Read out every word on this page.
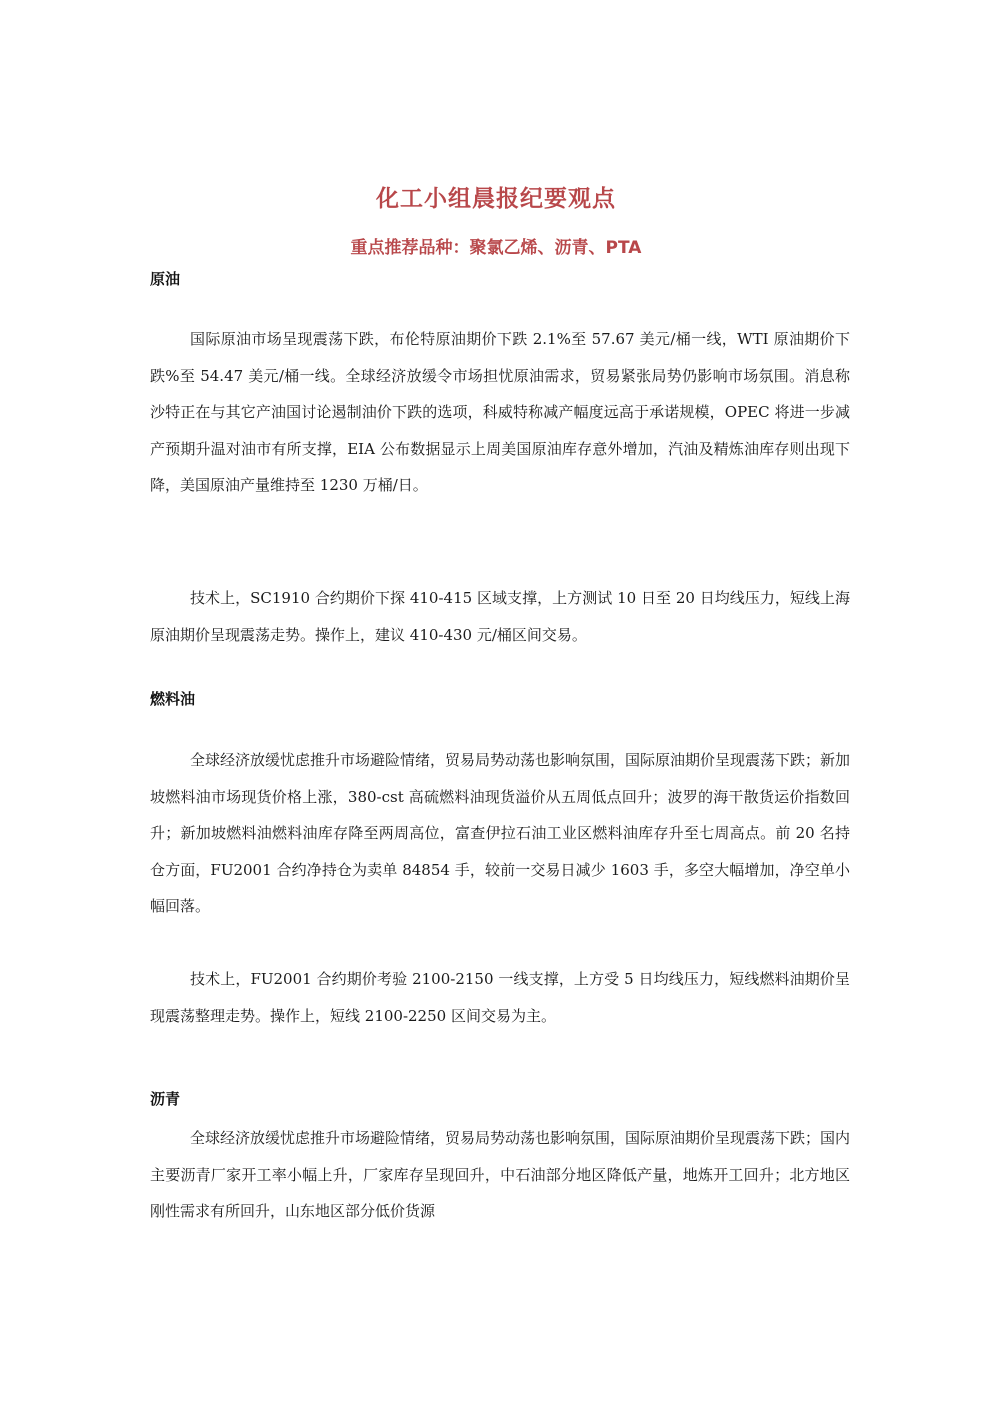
化工小组晨报纪要观点
重点推荐品种：聚氯乙烯、沥青、PTA
原油
国际原油市场呈现震荡下跌，布伦特原油期价下跌 2.1%至 57.67 美元/桶一线，WTI 原油期价下跌%至 54.47 美元/桶一线。全球经济放缓令市场担忧原油需求，贸易紧张局势仍影响市场氛围。消息称沙特正在与其它产油国讨论遏制油价下跌的选项，科威特称减产幅度远高于承诺规模，OPEC 将进一步减产预期升温对油市有所支撑，EIA 公布数据显示上周美国原油库存意外增加，汽油及精炼油库存则出现下降，美国原油产量维持至 1230 万桶/日。
技术上，SC1910 合约期价下探 410-415 区域支撑，上方测试 10 日至 20 日均线压力，短线上海原油期价呈现震荡走势。操作上，建议 410-430 元/桶区间交易。
燃料油
全球经济放缓忧虑推升市场避险情绪，贸易局势动荡也影响氛围，国际原油期价呈现震荡下跌；新加坡燃料油市场现货价格上涨，380-cst 高硫燃料油现货溢价从五周低点回升；波罗的海干散货运价指数回升；新加坡燃料油燃料油库存降至两周高位，富查伊拉石油工业区燃料油库存升至七周高点。前 20 名持仓方面，FU2001 合约净持仓为卖单 84854 手，较前一交易日减少 1603 手，多空大幅增加，净空单小幅回落。
技术上，FU2001 合约期价考验 2100-2150 一线支撑，上方受 5 日均线压力，短线燃料油期价呈现震荡整理走势。操作上，短线 2100-2250 区间交易为主。
沥青
全球经济放缓忧虑推升市场避险情绪，贸易局势动荡也影响氛围，国际原油期价呈现震荡下跌；国内主要沥青厂家开工率小幅上升，厂家库存呈现回升，中石油部分地区降低产量，地炼开工回升；北方地区刚性需求有所回升，山东地区部分低价货源
